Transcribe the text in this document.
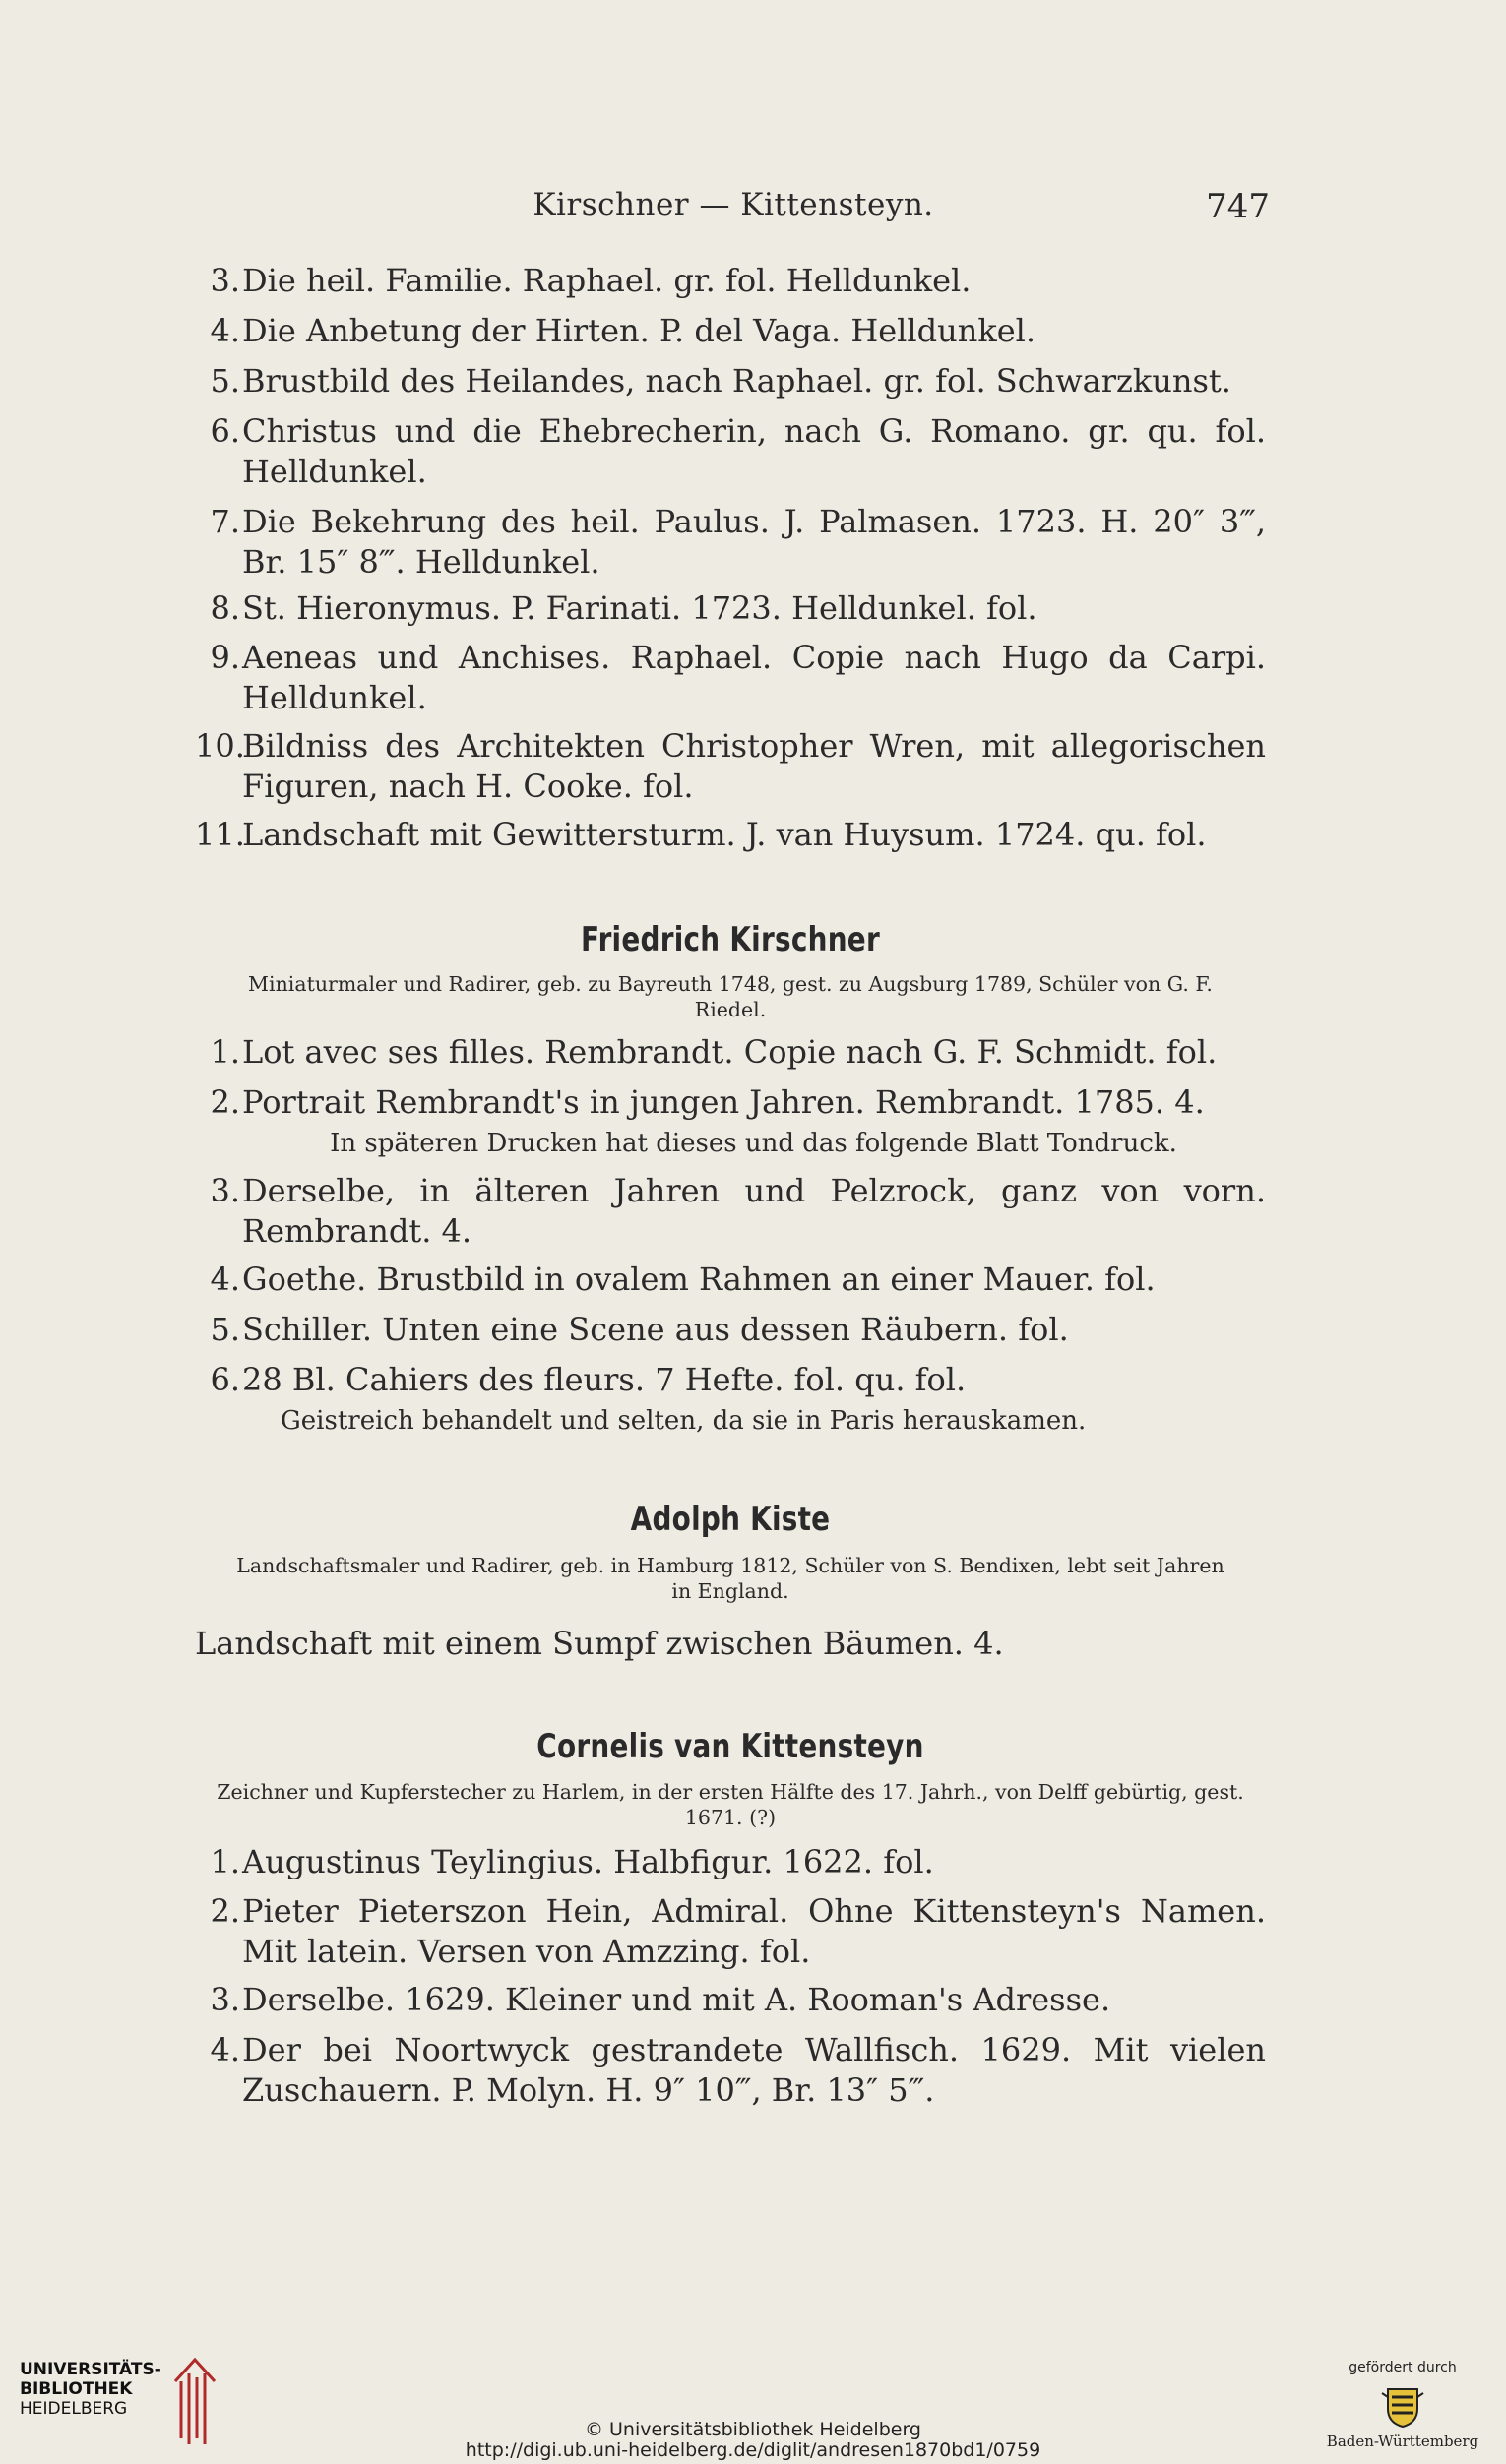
Kirschner — Kittensteyn.	747
3. Die heil. Familie. Raphael. gr. fol. Helldunkel.
4. Die Anbetung der Hirten. P. del Vaga. Helldunkel.
5. Brustbild des Heilandes, nach Raphael. gr. fol. Schwarzkunst.
6. Christus und die Ehebrecherin, nach G. Romano. gr. qu. fol. Helldunkel.
7. Die Bekehrung des heil. Paulus. J. Palmasen. 1723. H. 20″ 3‴, Br. 15″ 8‴. Helldunkel.
8. St. Hieronymus. P. Farinati. 1723. Helldunkel. fol.
9. Aeneas und Anchises. Raphael. Copie nach Hugo da Carpi. Helldunkel.
10.
Bildniss des Architekten Christopher Wren, mit allegorischen Figuren, nach H. Cooke. fol.
11.
Landschaft mit Gewittersturm. J. van Huysum. 1724. qu. fol.
Friedrich Kirschner
Miniaturmaler und Radirer, geb. zu Bayreuth 1748, gest. zu Augsburg 1789, Schüler von G. F. Riedel.
1. Lot avec ses filles. Rembrandt. Copie nach G. F. Schmidt. fol.
2. Portrait Rembrandt's in jungen Jahren. Rembrandt. 1785. 4.
In späteren Drucken hat dieses und das folgende Blatt Tondruck.
3. Derselbe, in älteren Jahren und Pelzrock, ganz von vorn. Rembrandt. 4.
4. Goethe. Brustbild in ovalem Rahmen an einer Mauer. fol.
5. Schiller. Unten eine Scene aus dessen Räubern. fol.
6. 28 Bl. Cahiers des fleurs. 7 Hefte. fol. qu. fol.
Geistreich behandelt und selten, da sie in Paris herauskamen.
Adolph Kiste
Landschaftsmaler und Radirer, geb. in Hamburg 1812, Schüler von S. Bendixen, lebt seit Jahren in England.
Landschaft mit einem Sumpf zwischen Bäumen. 4.
Cornelis van Kittensteyn
Zeichner und Kupferstecher zu Harlem, in der ersten Hälfte des 17. Jahrh., von Delff gebürtig, gest. 1671. (?)
1. Augustinus Teylingius. Halbfigur. 1622. fol.
2. Pieter Pieterszon Hein, Admiral. Ohne Kittensteyn's Namen. Mit latein. Versen von Amzzing. fol.
3. Derselbe. 1629. Kleiner und mit A. Rooman's Adresse.
4. Der bei Noortwyck gestrandete Wallfisch. 1629. Mit vielen Zuschauern. P. Molyn. H. 9″ 10‴, Br. 13″ 5‴.
UNIVERSITÄTS-
BIBLIOTHEK
HEIDELBERG
© Universitätsbibliothek Heidelberg
http://digi.ub.uni-heidelberg.de/diglit/andresen1870bd1/0759
gefördert durch
Baden-Württemberg
